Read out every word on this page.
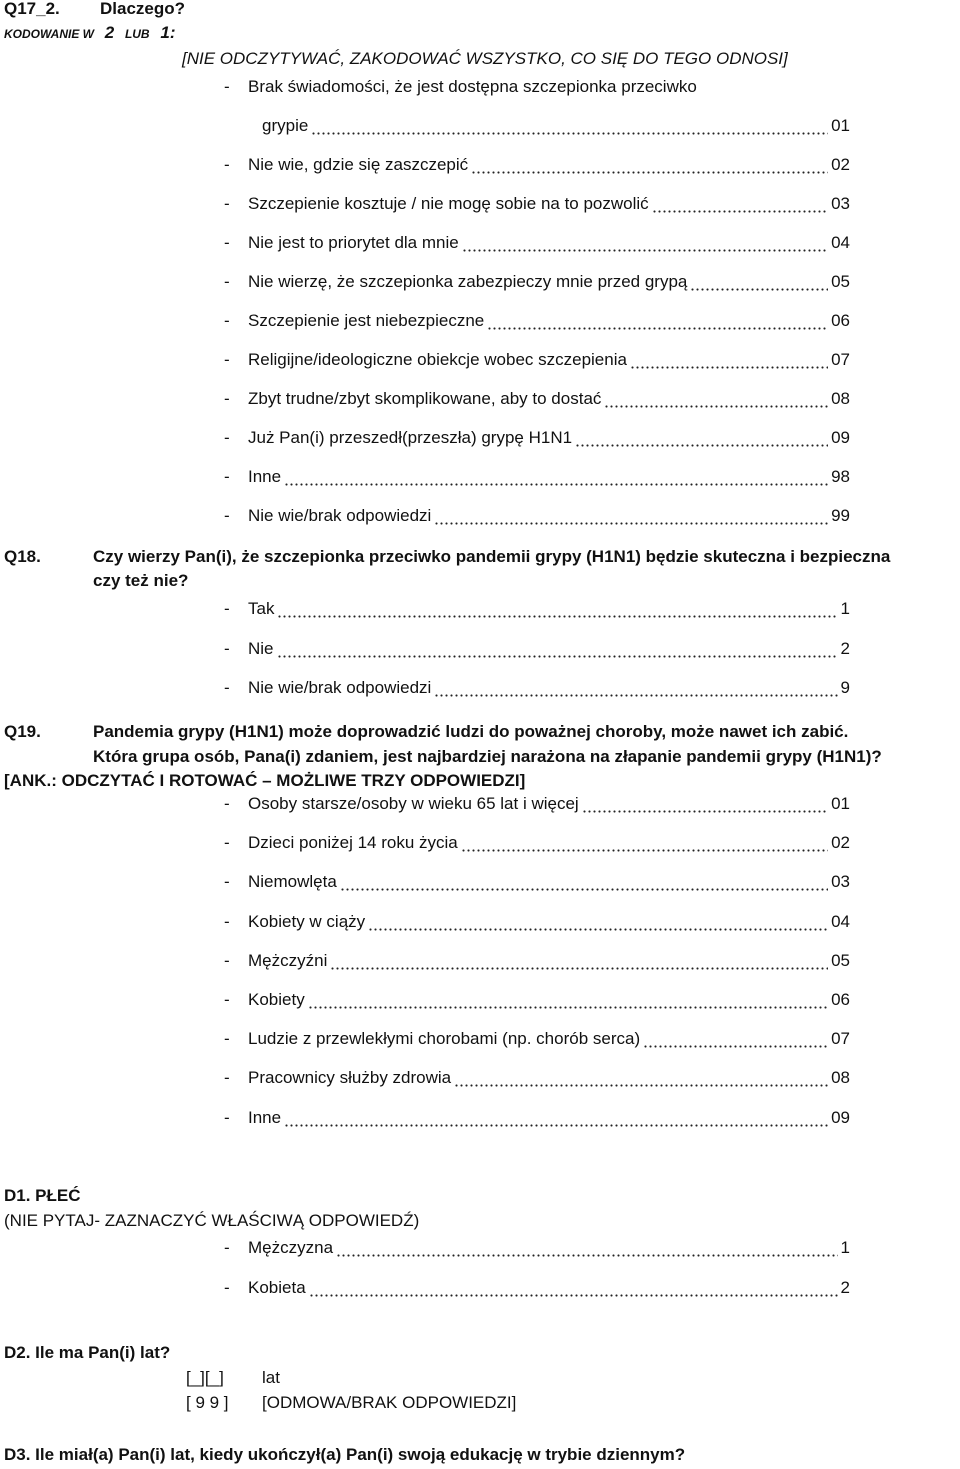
Q17_2. Dlaczego?
KODOWANIE W 2 LUB 1:
[NIE ODCZYTYWAĆ, ZAKODOWAĆ WSZYSTKO, CO SIĘ DO TEGO ODNOSI]
- Brak świadomości, że jest dostępna szczepionka przeciwko
grypie	01
-	Nie wie, gdzie się zaszczepić	02
-	Szczepienie kosztuje / nie mogę sobie na to pozwolić	03
-	Nie jest to priorytet dla mnie	04
-	Nie wierzę, że szczepionka zabezpieczy mnie przed grypą	05
-	Szczepienie jest niebezpieczne	06
-	Religijne/ideologiczne obiekcje wobec szczepienia	07
-	Zbyt trudne/zbyt skomplikowane, aby to dostać	08
-	Już Pan(i) przeszedł(przeszła) grypę H1N1	09
-	Inne	98
-	Nie wie/brak odpowiedzi	99
Q18.	Czy wierzy Pan(i), że szczepionka przeciwko pandemii grypy (H1N1) będzie skuteczna i bezpieczna
czy też nie?
-	Tak	1
-	Nie	2
-	Nie wie/brak odpowiedzi	9
Q19.	Pandemia grypy (H1N1) może doprowadzić ludzi do poważnej choroby, może nawet ich zabić.
Która grupa osób, Pana(i) zdaniem, jest najbardziej narażona na złapanie pandemii grypy (H1N1)?
[ANK.: ODCZYTAĆ I ROTOWAĆ – MOŻLIWE TRZY ODPOWIEDZI]
-	Osoby starsze/osoby w wieku 65 lat i więcej	01
-	Dzieci poniżej 14 roku życia	02
-	Niemowlęta	03
-	Kobiety w ciąży	04
-	Mężczyźni	05
-	Kobiety	06
-	Ludzie z przewlekłymi chorobami (np. chorób serca)	07
-	Pracownicy służby zdrowia	08
-	Inne	09
D1. PŁEĆ
(NIE PYTAJ- ZAZNACZYĆ WŁAŚCIWĄ ODPOWIEDŹ)
-	Mężczyzna	1
-	Kobieta	2
D2. Ile ma Pan(i) lat?
[_][_] lat
[ 9 9 ] [ODMOWA/BRAK ODPOWIEDZI]
D3. Ile miał(a) Pan(i) lat, kiedy ukończył(a) Pan(i) swoją edukację w trybie dziennym?
